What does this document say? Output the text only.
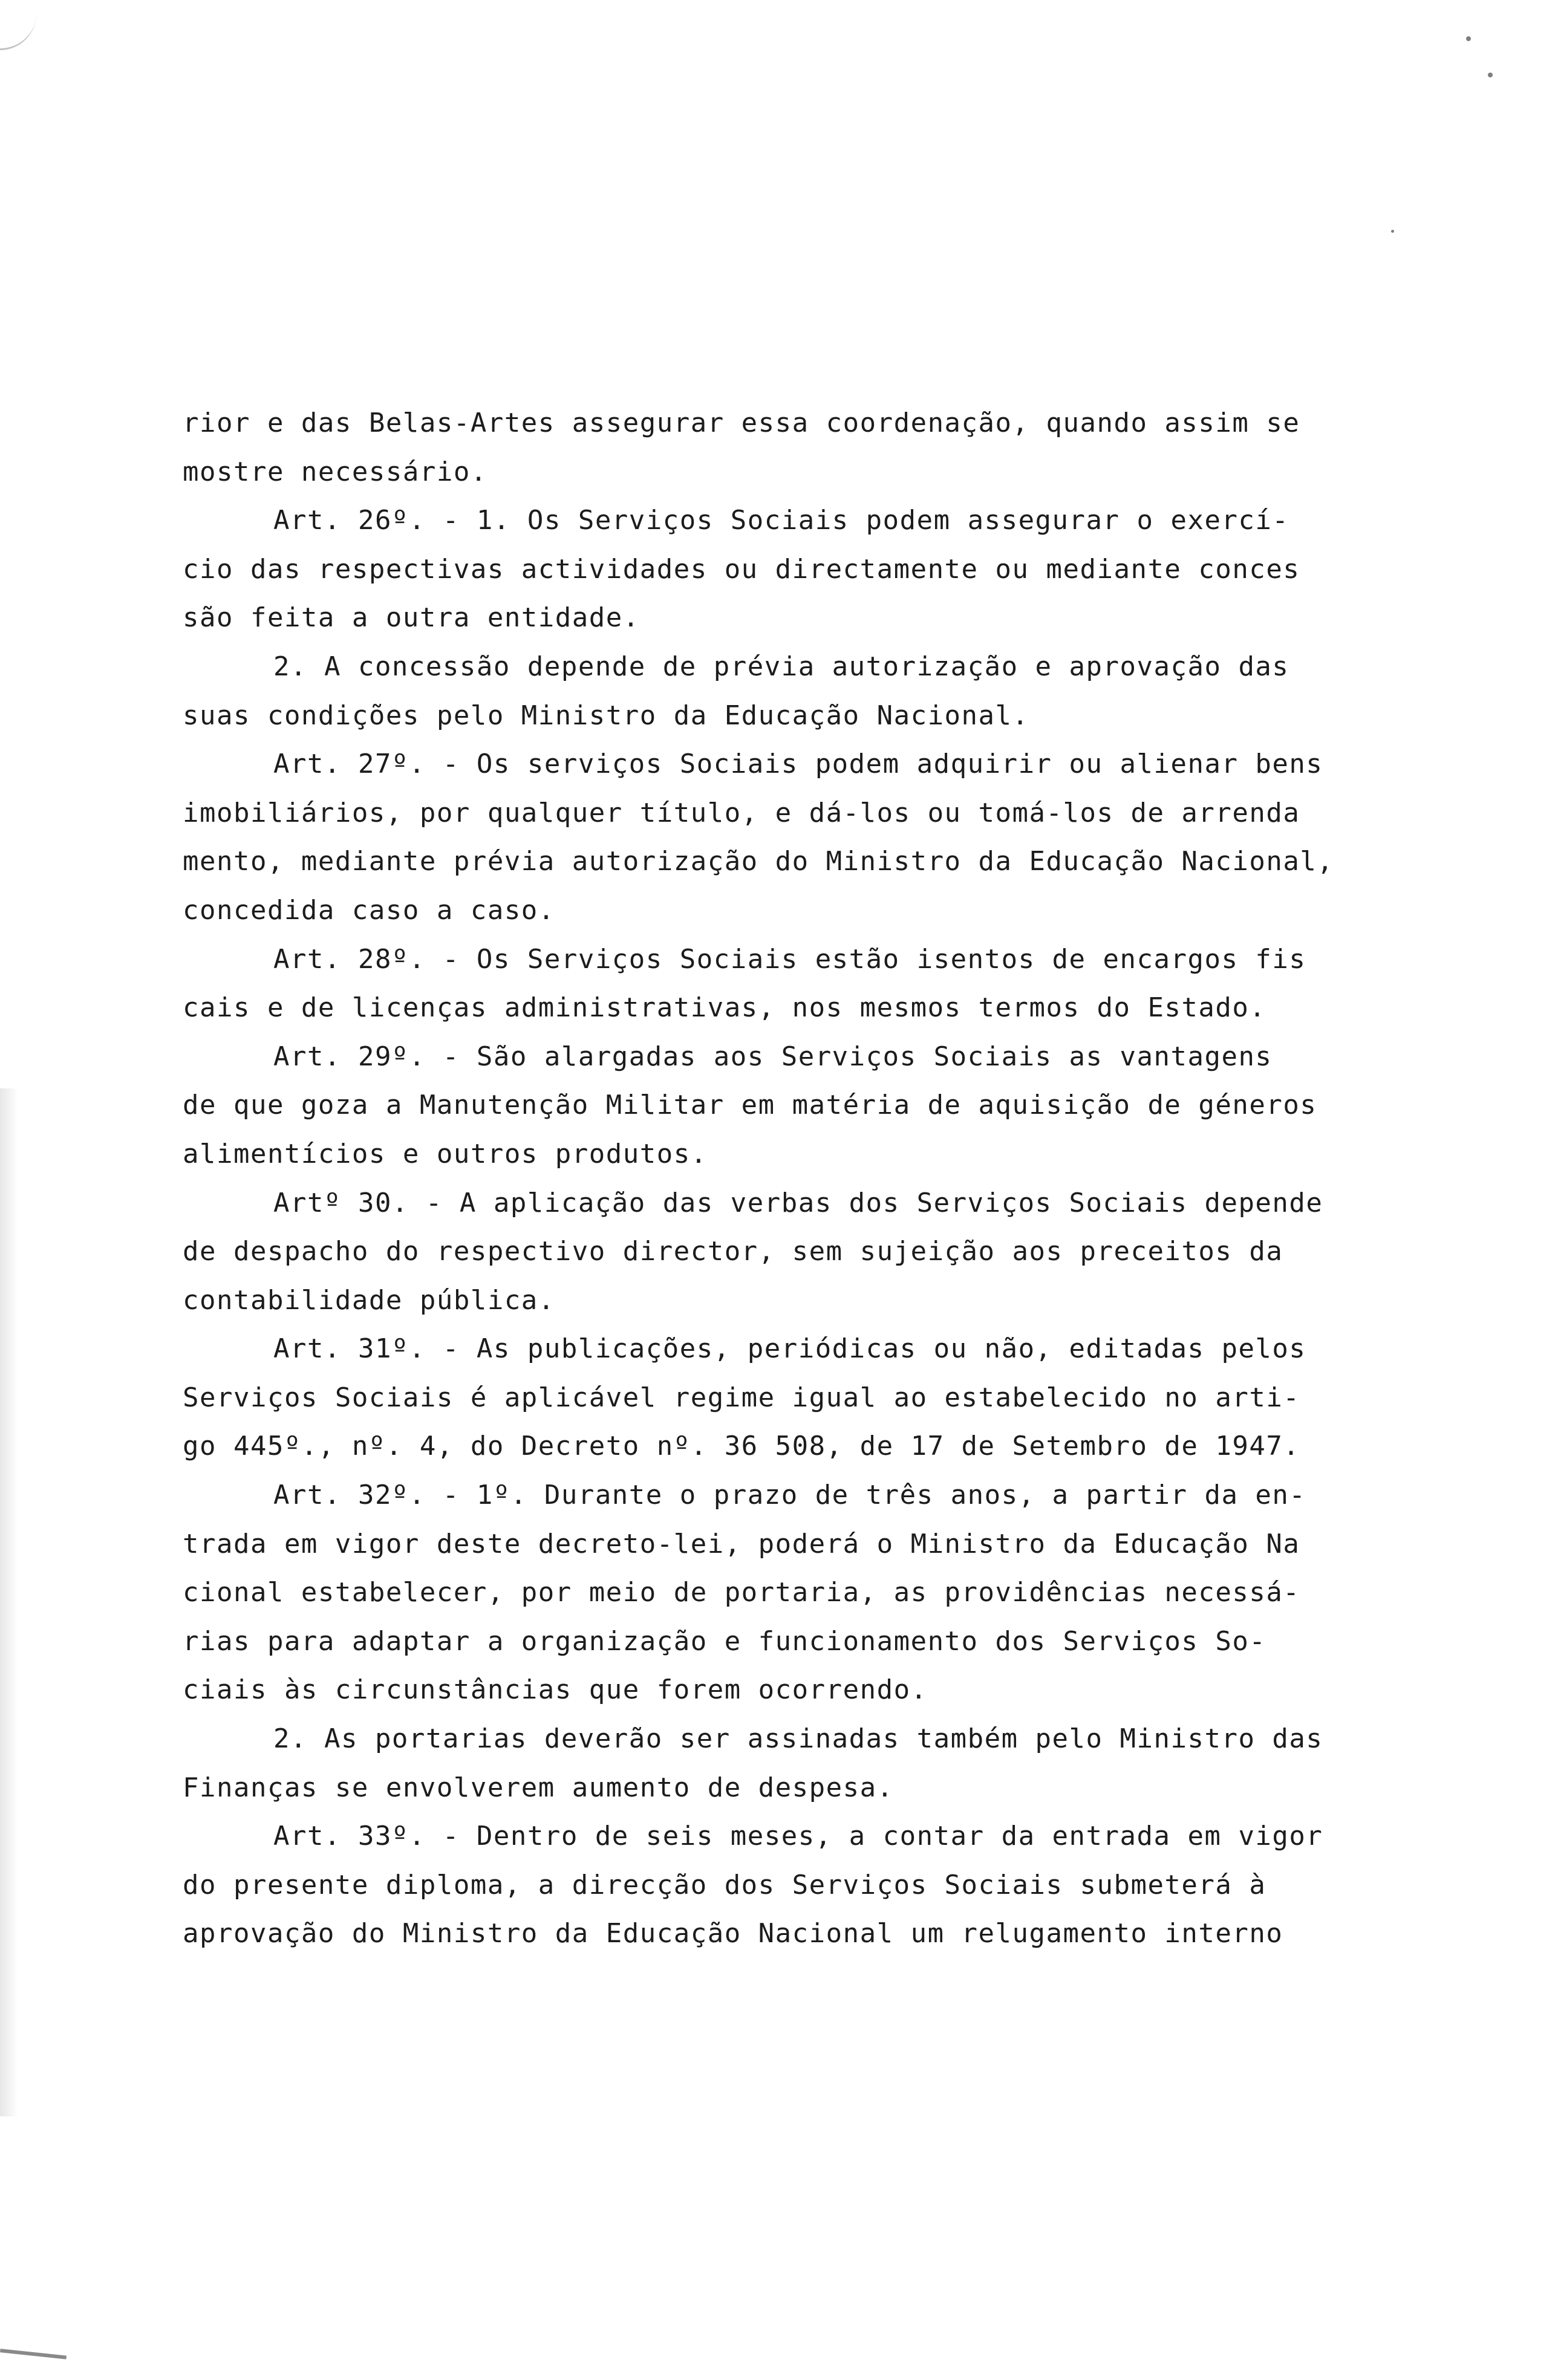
rior e das Belas-Artes assegurar essa coordenação, quando assim se
mostre necessário.
Art. 26º. - 1. Os Serviços Sociais podem assegurar o exercí-
cio das respectivas actividades ou directamente ou mediante conces
são feita a outra entidade.
2. A concessão depende de prévia autorização e aprovação das
suas condições pelo Ministro da Educação Nacional.
Art. 27º. - Os serviços Sociais podem adquirir ou alienar bens
imobiliários, por qualquer título, e dá-los ou tomá-los de arrenda
mento, mediante prévia autorização do Ministro da Educação Nacional,
concedida caso a caso.
Art. 28º. - Os Serviços Sociais estão isentos de encargos fis
cais e de licenças administrativas, nos mesmos termos do Estado.
Art. 29º. - São alargadas aos Serviços Sociais as vantagens
de que goza a Manutenção Militar em matéria de aquisição de géneros
alimentícios e outros produtos.
Artº 30. - A aplicação das verbas dos Serviços Sociais depende
de despacho do respectivo director, sem sujeição aos preceitos da
contabilidade pública.
Art. 31º. - As publicações, periódicas ou não, editadas pelos
Serviços Sociais é aplicável regime igual ao estabelecido no arti-
go 445º., nº. 4, do Decreto nº. 36 508, de 17 de Setembro de 1947.
Art. 32º. - 1º. Durante o prazo de três anos, a partir da en-
trada em vigor deste decreto-lei, poderá o Ministro da Educação Na
cional estabelecer, por meio de portaria, as providências necessá-
rias para adaptar a organização e funcionamento dos Serviços So-
ciais às circunstâncias que forem ocorrendo.
2. As portarias deverão ser assinadas também pelo Ministro das
Finanças se envolverem aumento de despesa.
Art. 33º. - Dentro de seis meses, a contar da entrada em vigor
do presente diploma, a direcção dos Serviços Sociais submeterá à
aprovação do Ministro da Educação Nacional um relugamento interno
